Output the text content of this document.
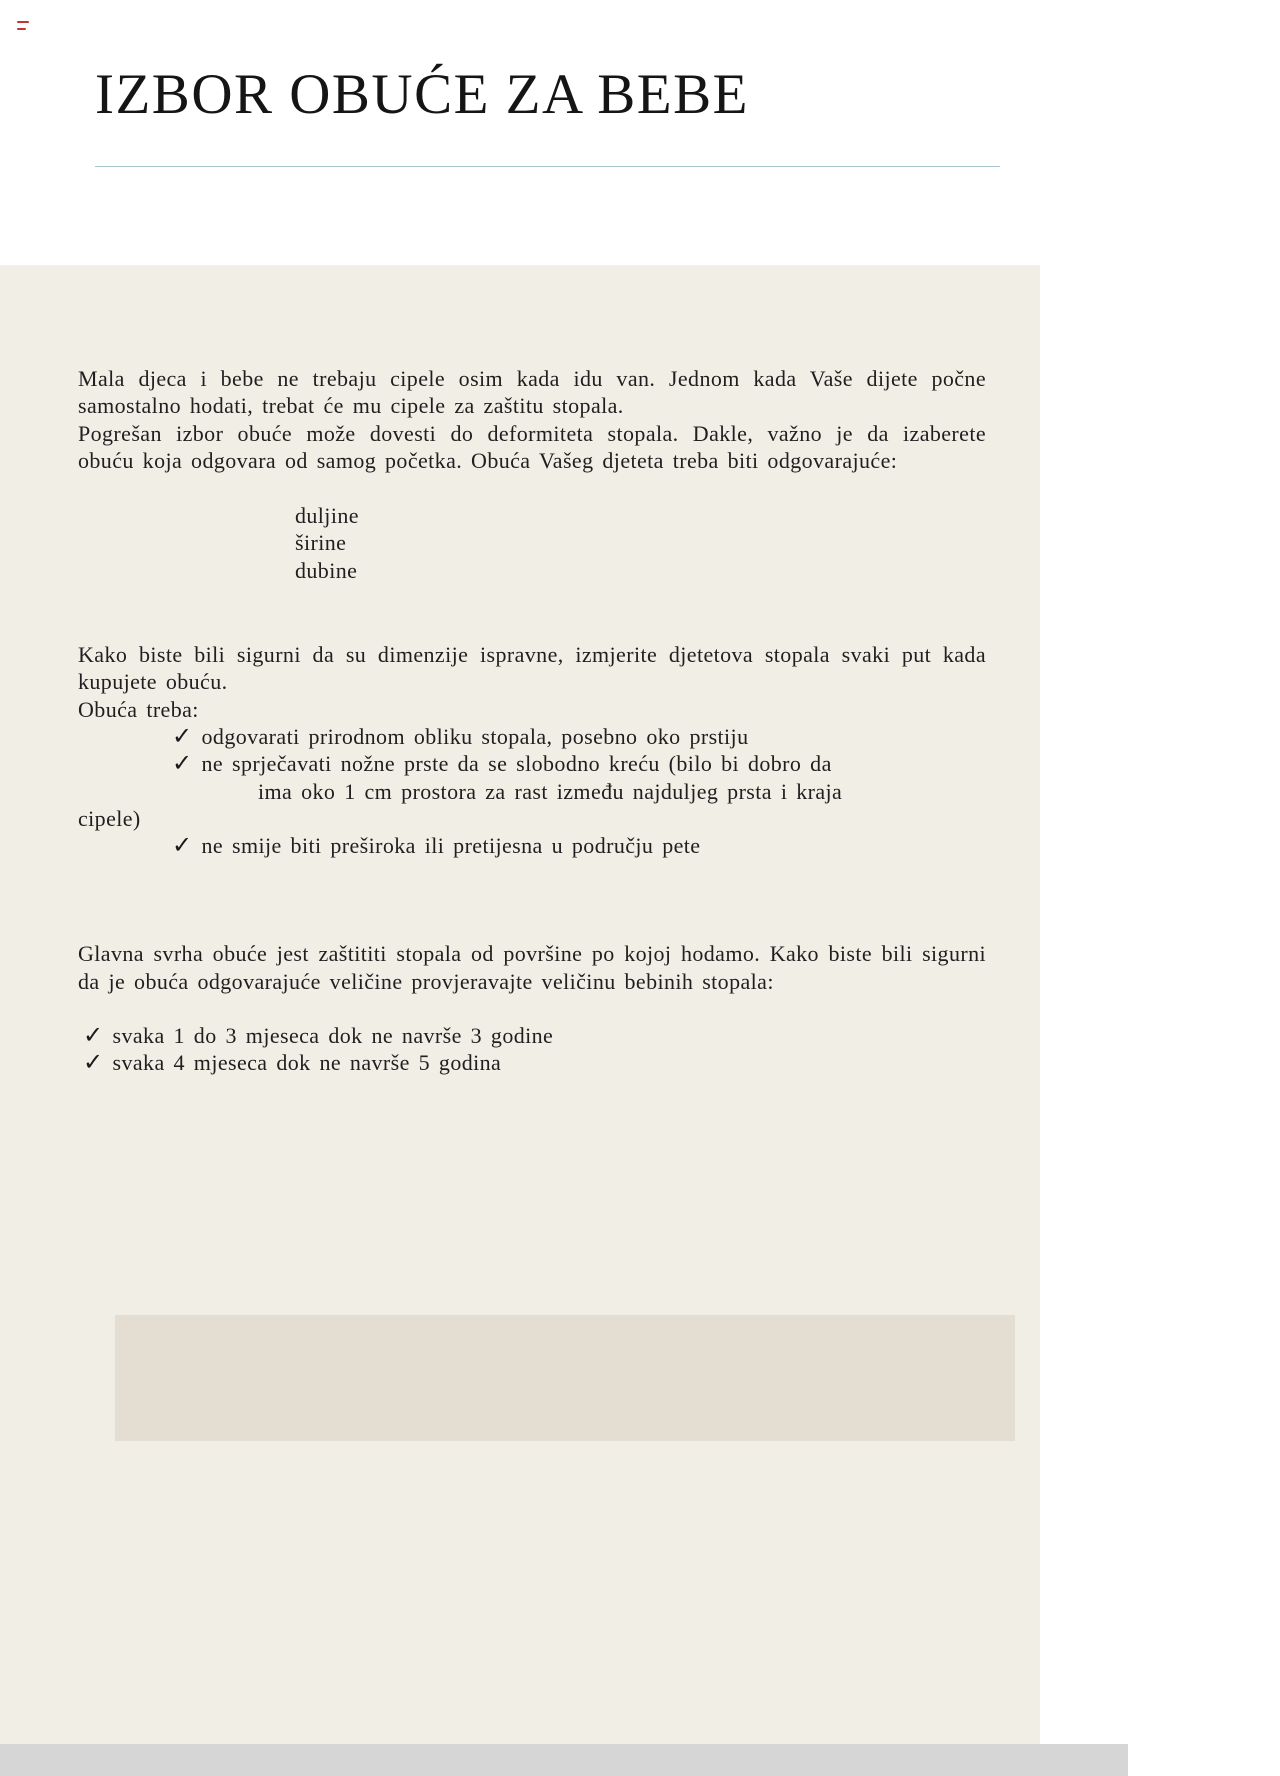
IZBOR OBUĆE ZA BEBE

Mala djeca i bebe ne trebaju cipele osim kada idu van. Jednom kada Vaše dijete počne samostalno hodati, trebat će mu cipele za zaštitu stopala.

Pogrešan izbor obuće može dovesti do deformiteta stopala. Dakle, važno je da izaberete obuću koja odgovara od samog početka. Obuća Vašeg djeteta treba biti odgovarajuće:

duljine
širine
dubine

Kako biste bili sigurni da su dimenzije ispravne, izmjerite djetetova stopala svaki put kada kupujete obuću.

Obuća treba:

✓ odgovarati prirodnom obliku stopala, posebno oko prstiju
✓ ne sprječavati nožne prste da se slobodno kreću (bilo bi dobro da
ima oko 1 cm prostora za rast između najduljeg prsta i kraja
cipele)
✓ ne smije biti preširoka ili pretijesna u području pete

Glavna svrha obuće jest zaštititi stopala od površine po kojoj hodamo. Kako biste bili sigurni da je obuća odgovarajuće veličine provjeravajte veličinu bebinih stopala:

✓ svaka 1 do 3 mjeseca dok ne navrše 3 godine
✓ svaka 4 mjeseca dok ne navrše 5 godina
